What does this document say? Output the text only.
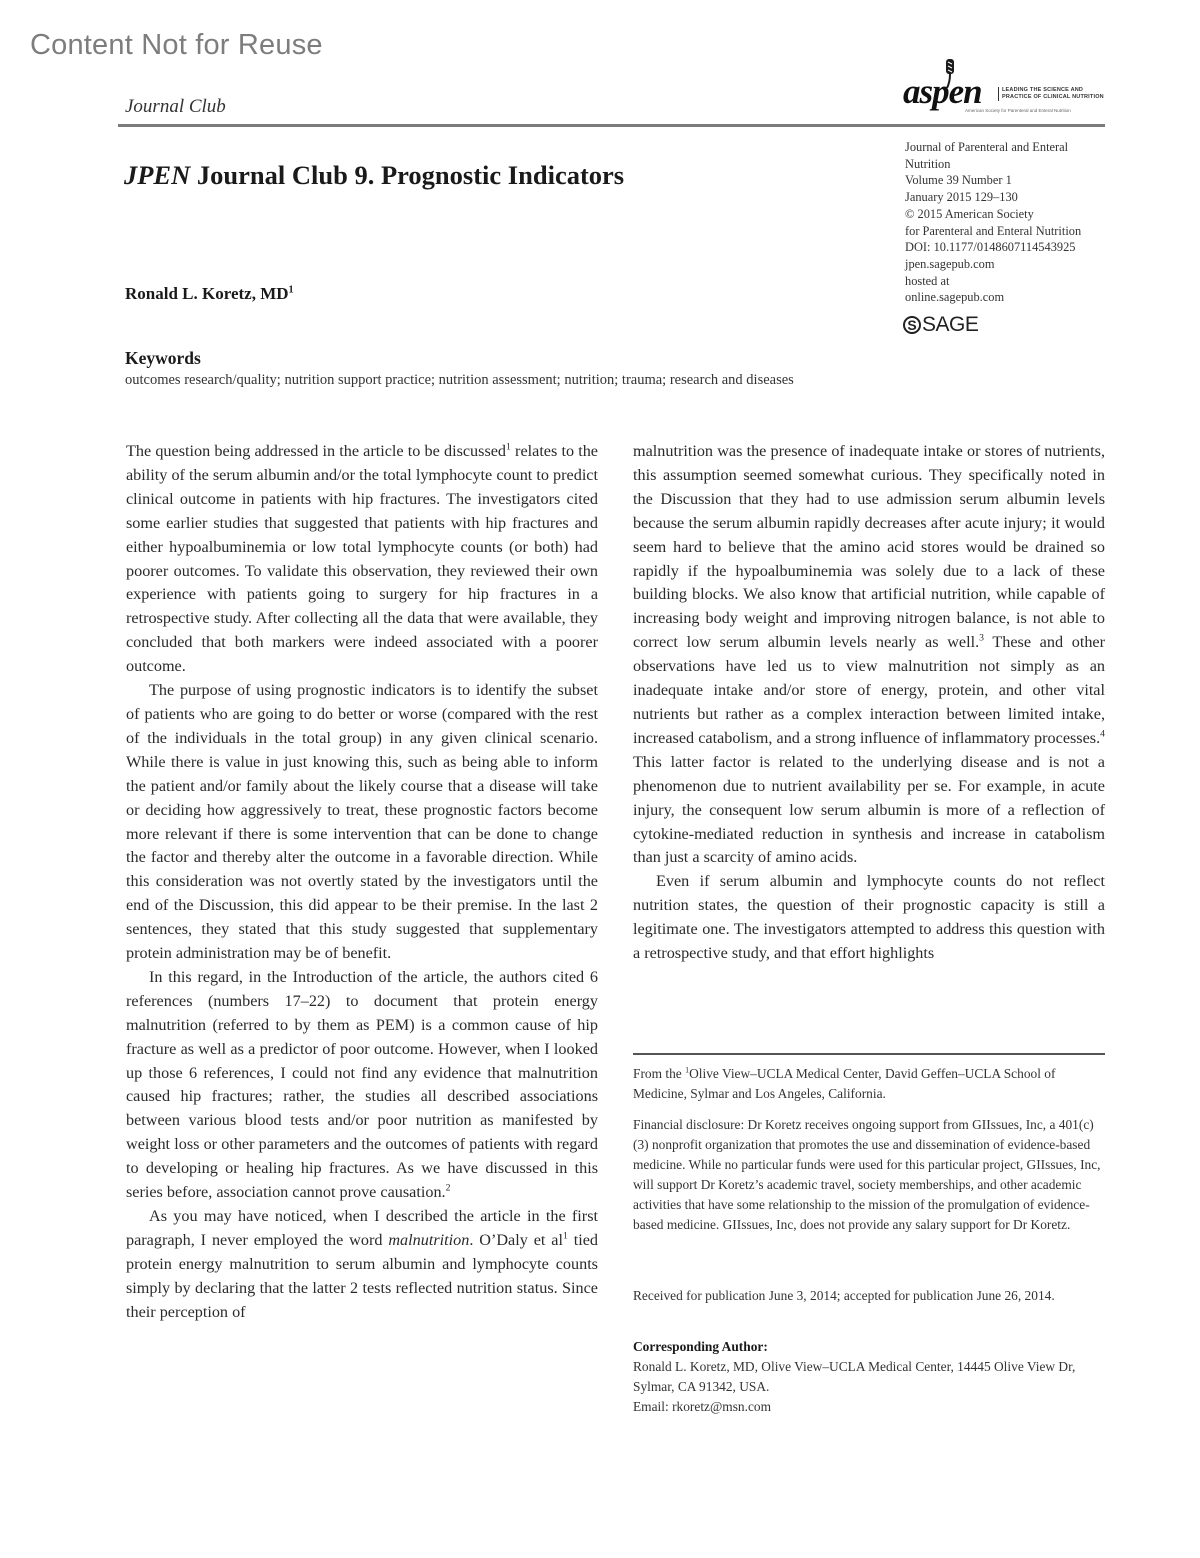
Content Not for Reuse
Journal Club	aspen	LEADING THE SCIENCE AND
PRACTICE OF CLINICAL NUTRITION
American Society for Parenteral and Enteral Nutrition
Journal of Parenteral and Enteral
Nutrition
Volume 39 Number 1
January 2015 129–130
© 2015 American Society
for Parenteral and Enteral Nutrition
DOI: 10.1177/0148607114543925
jpen.sagepub.com
hosted at
online.sagepub.com
S SAGE
JPEN Journal Club 9. Prognostic Indicators
Ronald L. Koretz, $MD^1$
Keywords
outcomes research/quality; nutrition support practice; nutrition assessment; nutrition; trauma; research and diseases

The question being addressed in the article to be discussed$^1$ relates to the ability of the serum albumin and/or the total lymphocyte count to predict clinical outcome in patients with hip fractures. The investigators cited some earlier studies that suggested that patients with hip fractures and either hypoalbuminemia or low total lymphocyte counts (or both) had poorer outcomes. To validate this observation, they reviewed their own experience with patients going to surgery for hip fractures in a retrospective study. After collecting all the data that were available, they concluded that both markers were indeed associated with a poorer outcome.

The purpose of using prognostic indicators is to identify the subset of patients who are going to do better or worse (compared with the rest of the individuals in the total group) in any given clinical scenario. While there is value in just knowing this, such as being able to inform the patient and/or family about the likely course that a disease will take or deciding how aggressively to treat, these prognostic factors become more relevant if there is some intervention that can be done to change the factor and thereby alter the outcome in a favorable direction. While this consideration was not overtly stated by the investigators until the end of the Discussion, this did appear to be their premise. In the last 2 sentences, they stated that this study suggested that supplementary protein administration may be of benefit.

In this regard, in the Introduction of the article, the authors cited 6 references (numbers 17–22) to document that protein energy malnutrition (referred to by them as PEM) is a common cause of hip fracture as well as a predictor of poor outcome. However, when I looked up those 6 references, I could not find any evidence that malnutrition caused hip fractures; rather, the studies all described associations between various blood tests and/or poor nutrition as manifested by weight loss or other parameters and the outcomes of patients with regard to developing or healing hip fractures. As we have discussed in this series before, association cannot prove causation.$^2$

As you may have noticed, when I described the article in the first paragraph, I never employed the word malnutrition. O’Daly et $al^1$ tied protein energy malnutrition to serum albumin and lymphocyte counts simply by declaring that the latter 2 tests reflected nutrition status. Since their perception of

malnutrition was the presence of inadequate intake or stores of nutrients, this assumption seemed somewhat curious. They specifically noted in the Discussion that they had to use admission serum albumin levels because the serum albumin rapidly decreases after acute injury; it would seem hard to believe that the amino acid stores would be drained so rapidly if the hypoalbuminemia was solely due to a lack of these building blocks. We also know that artificial nutrition, while capable of increasing body weight and improving nitrogen balance, is not able to correct low serum albumin levels nearly as well.$^3$ These and other observations have led us to view malnutrition not simply as an inadequate intake and/or store of energy, protein, and other vital nutrients but rather as a complex interaction between limited intake, increased catabolism, and a strong influence of inflammatory processes.$^4$ This latter factor is related to the underlying disease and is not a phenomenon due to nutrient availability per se. For example, in acute injury, the consequent low serum albumin is more of a reflection of cytokine-mediated reduction in synthesis and increase in catabolism than just a scarcity of amino acids.

Even if serum albumin and lymphocyte counts do not reflect nutrition states, the question of their prognostic capacity is still a legitimate one. The investigators attempted to address this question with a retrospective study, and that effort highlights

From the $^1$Olive View–UCLA Medical Center, David Geffen–UCLA School of Medicine, Sylmar and Los Angeles, California.
Financial disclosure: Dr Koretz receives ongoing support from GIIssues, Inc, a 401(c)(3) nonprofit organization that promotes the use and dissemination of evidence-based medicine. While no particular funds were used for this particular project, GIIssues, Inc, will support Dr Koretz’s academic travel, society memberships, and other academic activities that have some relationship to the mission of the promulgation of evidence-based medicine. GIIssues, Inc, does not provide any salary support for Dr Koretz.
Received for publication June 3, 2014; accepted for publication June 26, 2014.
Corresponding Author:
Ronald L. Koretz, MD, Olive View–UCLA Medical Center, 14445 Olive View Dr, Sylmar, CA 91342, USA.
Email: rkoretz@msn.com
